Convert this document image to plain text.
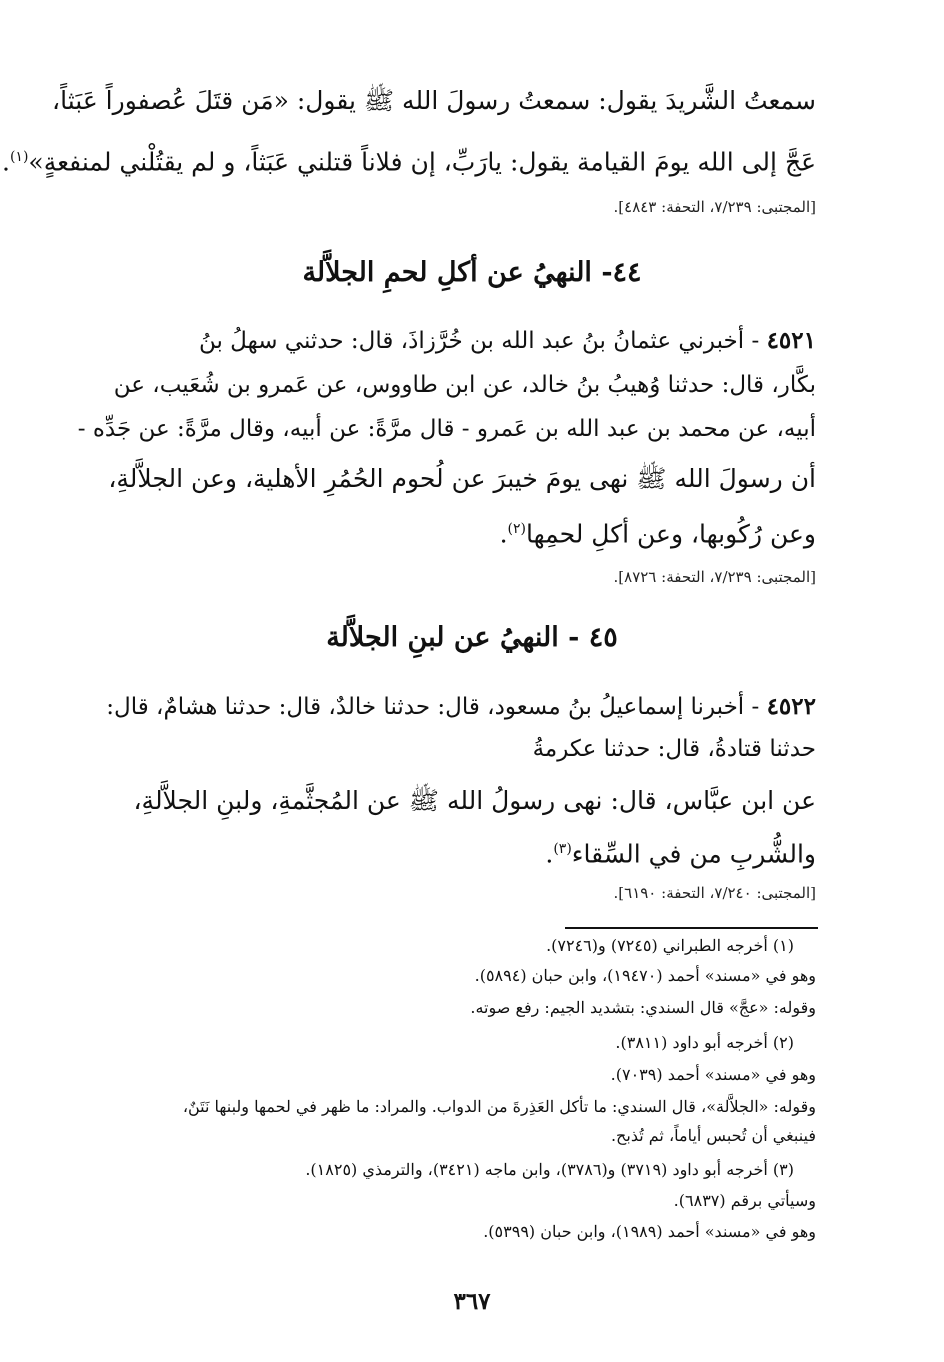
سمعتُ الشَّريدَ يقول: سمعتُ رسولَ الله ﷺ يقول: «مَن قتَلَ عُصفوراً عَبَثاً،
عَجَّ إلى الله يومَ القيامة يقول: يارَبِّ، إن فلاناً قتلني عَبَثاً، و لم يقتُلْني لمنفعةٍ»$^{(١)}$.
[المجتبى: ٧/٢٣٩، التحفة: ٤٨٤٣].
٤٤- النهيُ عن أكلِ لحمِ الجلاَّلة
٤٥٢١ - أخبرني عثمانُ بنُ عبد الله بن خُرَّزاذَ، قال: حدثني سهلُ بنُ
بكَّار، قال: حدثنا وُهيبُ بنُ خالد، عن ابن طاووس، عن عَمرو بن شُعَيب، عن
أبيه، عن محمد بن عبد الله بن عَمرو - قال مرَّةً: عن أبيه، وقال مرَّةً: عن جَدِّه -
أن رسولَ الله ﷺ نهى يومَ خيبرَ عن لُحوم الحُمُرِ الأهلية، وعن الجلاَّلةِ،
وعن رُكُوبها، وعن أكلِ لحمِها$^{(٢)}$.
[المجتبى: ٧/٢٣٩، التحفة: ٨٧٢٦].
٤٥ - النهيُ عن لبنِ الجلاَّلة
٤٥٢٢ - أخبرنا إسماعيلُ بنُ مسعود، قال: حدثنا خالدٌ، قال: حدثنا هشامٌ، قال:
حدثنا قتادةُ، قال: حدثنا عكرمةُ
عن ابن عبَّاس، قال: نهى رسولُ الله ﷺ عن المُجثَّمةِ، ولبنِ الجلاَّلةِ،
والشُّربِ من في السِّقاء$^{(٣)}$.
[المجتبى: ٧/٢٤٠، التحفة: ٦١٩٠].
(١) أخرجه الطبراني (٧٢٤٥) و(٧٢٤٦).
وهو في «مسند» أحمد (١٩٤٧٠)، وابن حبان (٥٨٩٤).
وقوله: «عجَّ» قال السندي: بتشديد الجيم: رفع صوته.
(٢) أخرجه أبو داود (٣٨١١).
وهو في «مسند» أحمد (٧٠٣٩).
وقوله: «الجلاَّلة»، قال السندي: ما تأكل العَذِرةَ من الدواب. والمراد: ما ظهر في لحمها ولبنها نَتَنٌ،
فينبغي أن تُحبس أياماً، ثم تُذبح.
(٣) أخرجه أبو داود (٣٧١٩) و(٣٧٨٦)، وابن ماجه (٣٤٢١)، والترمذي (١٨٢٥).
وسيأتي برقم (٦٨٣٧).
وهو في «مسند» أحمد (١٩٨٩)، وابن حبان (٥٣٩٩).
٣٦٧
